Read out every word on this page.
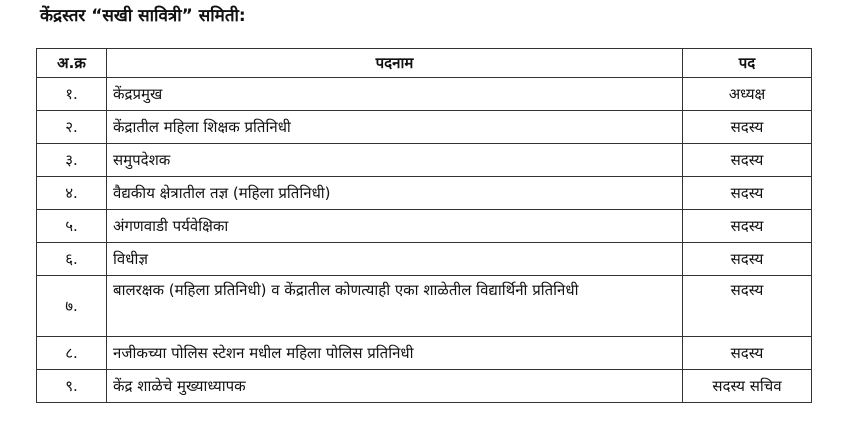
केंद्रस्तर “सखी सावित्री” समिती:
अ.क्र	पदनाम	पद
१.	केंद्रप्रमुख	अध्यक्ष
२.	केंद्रातील महिला शिक्षक प्रतिनिधी	सदस्य
३.	समुपदेशक	सदस्य
४.	वैद्यकीय क्षेत्रातील तज्ञ (महिला प्रतिनिधी)	सदस्य
५.	अंगणवाडी पर्यवेक्षिका	सदस्य
६.	विधीज्ञ	सदस्य
७.	बालरक्षक (महिला प्रतिनिधी) व केंद्रातील कोणत्याही एका शाळेतील विद्यार्थिनी प्रतिनिधी	सदस्य
८.	नजीकच्या पोलिस स्टेशन मधील महिला पोलिस प्रतिनिधी	सदस्य
९.	केंद्र शाळेचे मुख्याध्यापक	सदस्य सचिव
